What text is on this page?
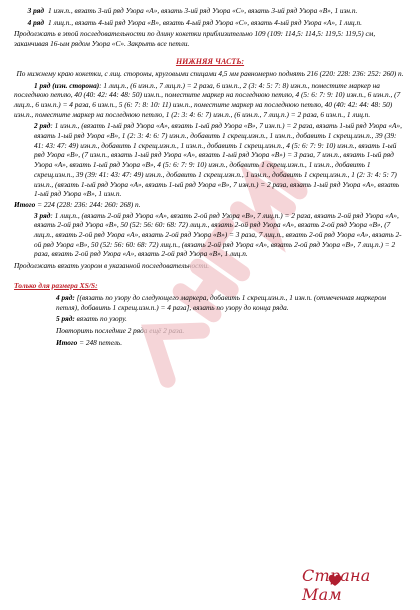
3 ряд 1 изн.п., вязать 3-ий ряд Узора «А», вязать 3-ий ряд Узора «С», вязать 3-ий ряд Узора «В», 1 изн.п.

4 ряд 1 лиц.п., вязать 4-ый ряд Узора «В», вязать 4-ый ряд Узора «С», вязать 4-ый ряд Узора «А», 1 лиц.п.

Продолжать в этой последовательности по длину кокетки приблизительно 109 (109: 114,5: 114,5: 119,5: 119,5) см, заканчивая 16-ым рядом Узора «С». Закрыть все петли.

НИЖНЯЯ ЧАСТЬ:

По нижнему краю кокетки, с лиц. стороны, круговыми спицами 4,5 мм равномерно поднять 216 (220: 228: 236: 252: 260) п.

1 ряд (изн. сторона): 1 лиц.п., (6 изн.п., 7 лиц.п.) = 2 раза, 6 изн.п., 2 (3: 4: 5: 7: 8) изн.п., поместите маркер на последнюю петлю, 40 (40: 42: 44: 48: 50) изн.п., поместите маркер на последнюю петлю, 4 (5: 6: 7: 9: 10) изн.п., 6 изн.п., (7 лиц.п., 6 изн.п.) = 4 раза, 6 изн.п., 5 (6: 7: 8: 10: 11) изн.п., поместите маркер на последнюю петлю, 40 (40: 42: 44: 48: 50) изн.п., поместите маркер на последнюю петлю, 1 (2: 3: 4: 6: 7) изн.п., (6 изн.п., 7 лиц.п.) = 2 раза, 6 изн.п., 1 лиц.п.

2 ряд: 1 изн.п., (вязать 1-ый ряд Узора «А», вязать 1-ый ряд Узора «В», 7 изн.п.) = 2 раза, вязать 1-ый ряд Узора «А», вязать 1-ый ряд Узора «В», 1 (2: 3: 4: 6: 7) изн.п., добавить 1 скрещ.изн.п., 1 изн.п., добавить 1 скрещ.изн.п., 39 (39: 41: 43: 47: 49) изн.п., добавить 1 скрещ.изн.п., 1 изн.п., добавить 1 скрещ.изн.п., 4 (5: 6: 7: 9: 10) изн.п., вязать 1-ый ряд Узора «В», (7 изн.п., вязать 1-ый ряд Узора «А», вязать 1-ый ряд Узора «В») = 3 раза, 7 изн.п., вязать 1-ый ряд Узора «А», вязать 1-ый ряд Узора «В», 4 (5: 6: 7: 9: 10) изн.п., добавить 1 скрещ.изн.п., 1 изн.п., добавить 1 скрещ.изн.п., 39 (39: 41: 43: 47: 49) изн.п., добавить 1 скрещ.изн.п., 1 изн.п., добавить 1 скрещ.изн.п., 1 (2: 3: 4: 5: 7) изн.п., (вязать 1-ый ряд Узора «А», вязать 1-ый ряд Узора «В», 7 изн.п.) = 2 раза, вязать 1-ый ряд Узора «А», вязать 1-ый ряд Узора «В», 1 изн.п.

Итого = 224 (228: 236: 244: 260: 268) п.

3 ряд: 1 лиц.п., (вязать 2-ой ряд Узора «А», вязать 2-ой ряд Узора «В», 7 лиц.п.) = 2 раза, вязать 2-ой ряд Узора «А», вязать 2-ой ряд Узора «В», 50 (52: 56: 60: 68: 72) лиц.п., вязать 2-ой ряд Узора «А», вязать 2-ой ряд Узора «В», (7 лиц.п., вязать 2-ой ряд Узора «А», вязать 2-ой ряд Узора «В») = 3 раза, 7 лиц.п., вязать 2-ой ряд Узора «А», вязать 2-ой ряд Узора «В», 50 (52: 56: 60: 68: 72) лиц.п., (вязать 2-ой ряд Узора «А», вязать 2-ой ряд Узора «В», 7 лиц.п.) = 2 раза, вязать 2-ой ряд Узора «А», вязать 2-ой ряд Узора «В», 1 лиц.п.

Продолжать вязать узором в указанной последовательности.

Только для размера XS/S:

4 ряд: [(вязать по узору до следующего маркера, добавить 1 скрещ.изн.п., 1 изн.п. (отмеченная маркером петля), добавить 1 скрещ.изн.п.) = 4 раза], вязать по узору до конца ряда.

5 ряд: вязать по узору.

Повторить последние 2 ряда ещё 2 раза.

Итого = 248 петель.

Страна Мам
